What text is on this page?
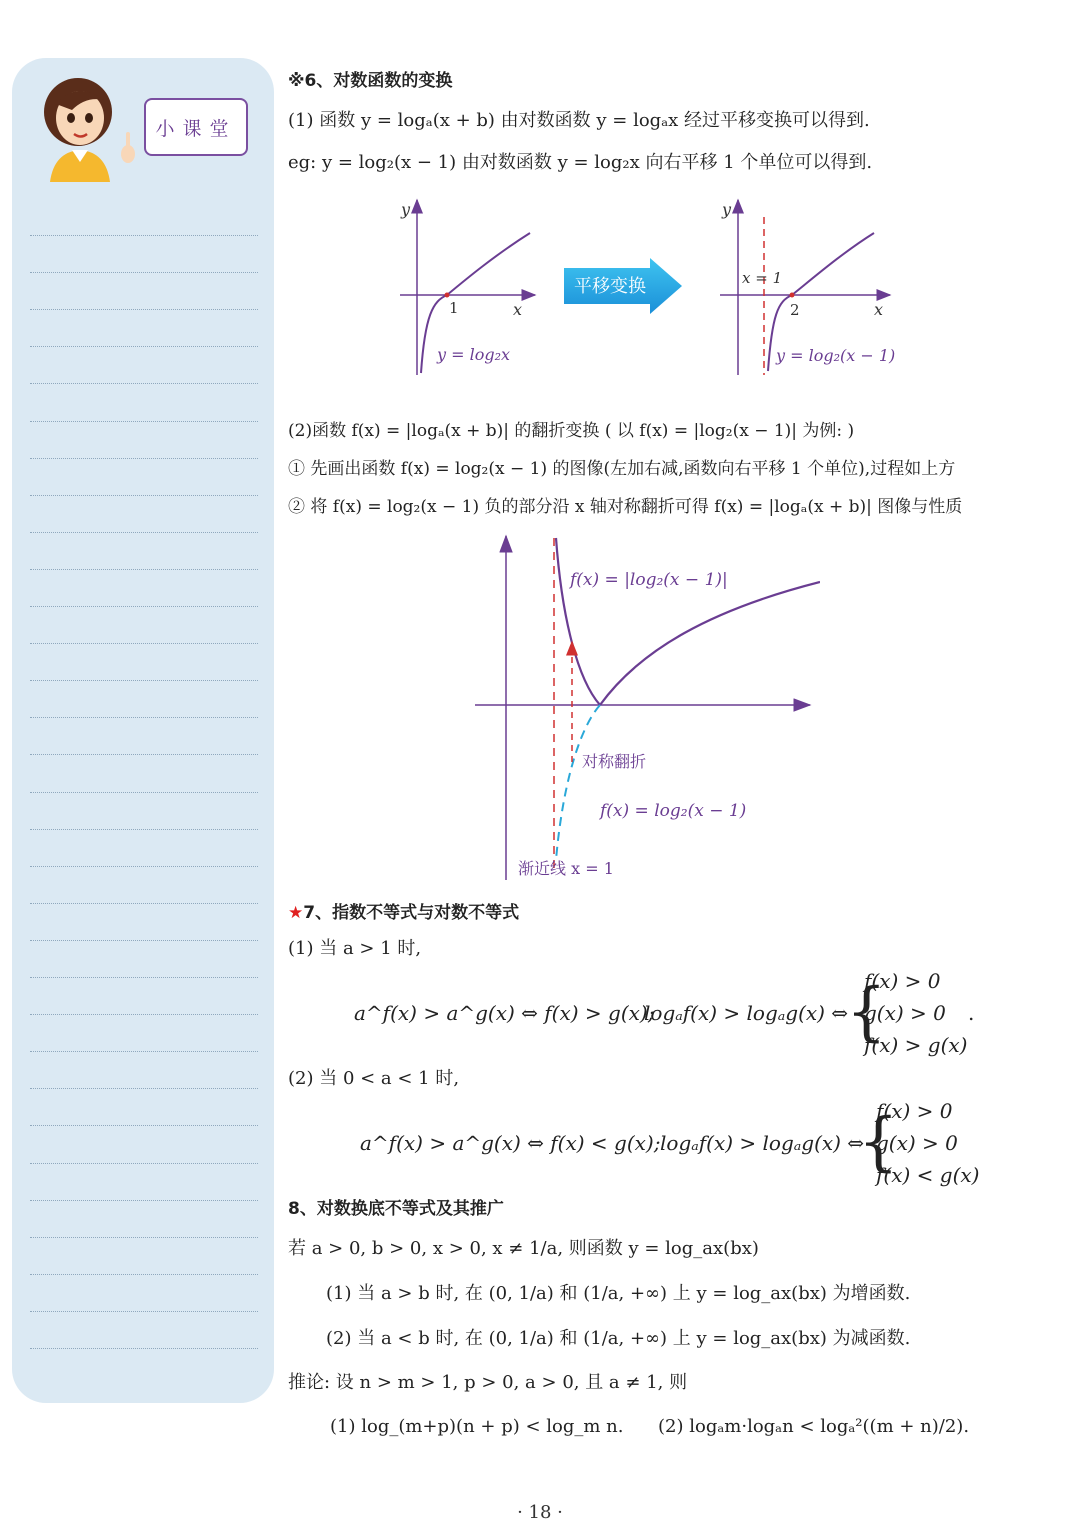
小课堂
※6、对数函数的变换
(1) 函数 y = logₐ(x + b) 由对数函数 y = logₐx 经过平移变换可以得到.
eg: y = log₂(x − 1) 由对数函数 y = log₂x 向右平移 1 个单位可以得到.
y
x
1
y = log₂x
平移变换
y
x
2
x = 1
y = log₂(x − 1)
(2)函数 f(x) = |logₐ(x + b)| 的翻折变换 ( 以 f(x) = |log₂(x − 1)| 为例: )
① 先画出函数 f(x) = log₂(x − 1) 的图像(左加右减,函数向右平移 1 个单位),过程如上方
② 将 f(x) = log₂(x − 1) 负的部分沿 x 轴对称翻折可得 f(x) = |logₐ(x + b)| 图像与性质
f(x) = |log₂(x − 1)|
对称翻折
f(x) = log₂(x − 1)
渐近线 x = 1
★7、指数不等式与对数不等式
(1) 当 a > 1 时,
a^f(x) > a^g(x) ⇔ f(x) > g(x);
logₐf(x) > logₐg(x) ⇔
{
f(x) > 0
g(x) > 0
f(x) > g(x)
.
(2) 当 0 < a < 1 时,
a^f(x) > a^g(x) ⇔ f(x) < g(x); logₐf(x) > logₐg(x) ⇔
{
f(x) > 0
g(x) > 0
f(x) < g(x)
8、对数换底不等式及其推广
若 a > 0, b > 0, x > 0, x ≠ 1/a, 则函数 y = log_ax(bx)
(1) 当 a > b 时, 在 (0, 1/a) 和 (1/a, +∞) 上 y = log_ax(bx) 为增函数.
(2) 当 a < b 时, 在 (0, 1/a) 和 (1/a, +∞) 上 y = log_ax(bx) 为减函数.
推论: 设 n > m > 1, p > 0, a > 0, 且 a ≠ 1, 则
(1) log_(m+p)(n + p) < log_m n. (2) logₐm·logₐn < logₐ²((m + n)/2).
· 18 ·
